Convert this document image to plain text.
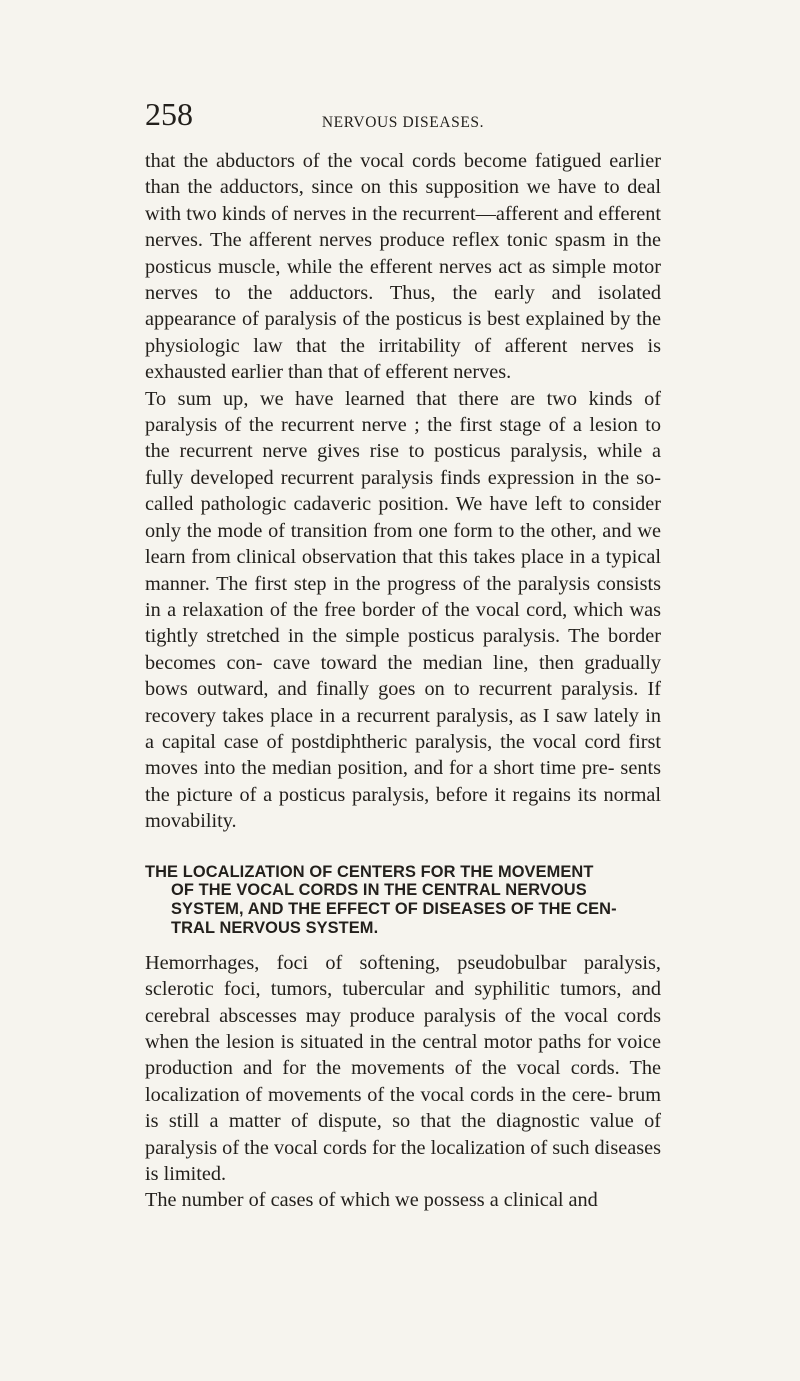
258	NERVOUS DISEASES.

that the abductors of the vocal cords become fatigued earlier than the adductors, since on this supposition we have to deal with two kinds of nerves in the recurrent—afferent and efferent nerves. The afferent nerves produce reflex tonic spasm in the posticus muscle, while the efferent nerves act as simple motor nerves to the adductors. Thus, the early and isolated appearance of paralysis of the posticus is best explained by the physiologic law that the irritability of afferent nerves is exhausted earlier than that of efferent nerves.

To sum up, we have learned that there are two kinds of paralysis of the recurrent nerve ; the first stage of a lesion to the recurrent nerve gives rise to posticus paralysis, while a fully developed recurrent paralysis finds expression in the so-called pathologic cadaveric position. We have left to consider only the mode of transition from one form to the other, and we learn from clinical observation that this takes place in a typical manner. The first step in the progress of the paralysis consists in a relaxation of the free border of the vocal cord, which was tightly stretched in the simple posticus paralysis. The border becomes con- cave toward the median line, then gradually bows outward, and finally goes on to recurrent paralysis. If recovery takes place in a recurrent paralysis, as I saw lately in a capital case of postdiphtheric paralysis, the vocal cord first moves into the median position, and for a short time pre- sents the picture of a posticus paralysis, before it regains its normal movability.

THE LOCALIZATION OF CENTERS FOR THE MOVEMENT
OF THE VOCAL CORDS IN THE CENTRAL NERVOUS
SYSTEM, AND THE EFFECT OF DISEASES OF THE CEN-
TRAL NERVOUS SYSTEM.

Hemorrhages, foci of softening, pseudobulbar paralysis, sclerotic foci, tumors, tubercular and syphilitic tumors, and cerebral abscesses may produce paralysis of the vocal cords when the lesion is situated in the central motor paths for voice production and for the movements of the vocal cords. The localization of movements of the vocal cords in the cere- brum is still a matter of dispute, so that the diagnostic value of paralysis of the vocal cords for the localization of such diseases is limited.

The number of cases of which we possess a clinical and
